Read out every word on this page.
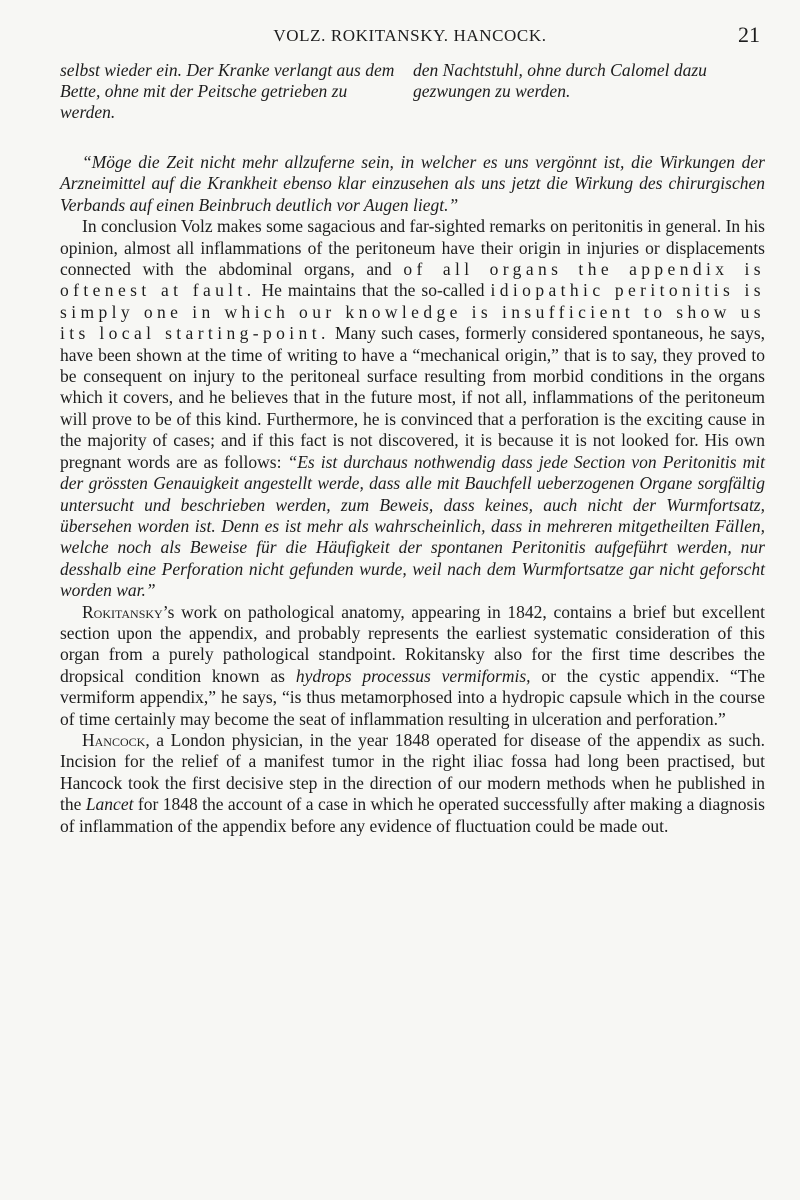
VOLZ. ROKITANSKY. HANCOCK.	21
selbst wieder ein. Der Kranke verlangt aus dem Bette, ohne mit der Peitsche getrieben zu werden.
den Nachtstuhl, ohne durch Calomel dazu gezwungen zu werden.

“Möge die Zeit nicht mehr allzuferne sein, in welcher es uns vergönnt ist, die Wirkungen der Arzneimittel auf die Krankheit ebenso klar einzusehen als uns jetzt die Wirkung des chirurgischen Verbands auf einen Beinbruch deutlich vor Augen liegt.”

In conclusion Volz makes some sagacious and far-sighted remarks on peritonitis in general. In his opinion, almost all inflammations of the peritoneum have their origin in injuries or displacements connected with the abdominal organs, and of all organs the appendix is oftenest at fault. He maintains that the so-called idiopathic peritonitis is simply one in which our knowledge is insufficient to show us its local starting-point. Many such cases, formerly considered spontaneous, he says, have been shown at the time of writing to have a “mechanical origin,” that is to say, they proved to be consequent on injury to the peritoneal surface resulting from morbid conditions in the organs which it covers, and he believes that in the future most, if not all, inflammations of the peritoneum will prove to be of this kind. Furthermore, he is convinced that a perforation is the exciting cause in the majority of cases; and if this fact is not discovered, it is because it is not looked for. His own pregnant words are as follows: “Es ist durchaus nothwendig dass jede Section von Peritonitis mit der grössten Genauigkeit angestellt werde, dass alle mit Bauchfell ueberzogenen Organe sorgfältig untersucht und beschrieben werden, zum Beweis, dass keines, auch nicht der Wurmfortsatz, übersehen worden ist. Denn es ist mehr als wahrscheinlich, dass in mehreren mitgetheilten Fällen, welche noch als Beweise für die Häufigkeit der spontanen Peritonitis aufgeführt werden, nur desshalb eine Perforation nicht gefunden wurde, weil nach dem Wurmfortsatze gar nicht geforscht worden war.”

Rokitansky’s work on pathological anatomy, appearing in 1842, contains a brief but excellent section upon the appendix, and probably represents the earliest systematic consideration of this organ from a purely pathological standpoint. Rokitansky also for the first time describes the dropsical condition known as hydrops processus vermiformis, or the cystic appendix. “The vermiform appendix,” he says, “is thus metamorphosed into a hydropic capsule which in the course of time certainly may become the seat of inflammation resulting in ulceration and perforation.”

Hancock, a London physician, in the year 1848 operated for disease of the appendix as such. Incision for the relief of a manifest tumor in the right iliac fossa had long been practised, but Hancock took the first decisive step in the direction of our modern methods when he published in the Lancet for 1848 the account of a case in which he operated successfully after making a diagnosis of inflammation of the appendix before any evidence of fluctuation could be made out.
